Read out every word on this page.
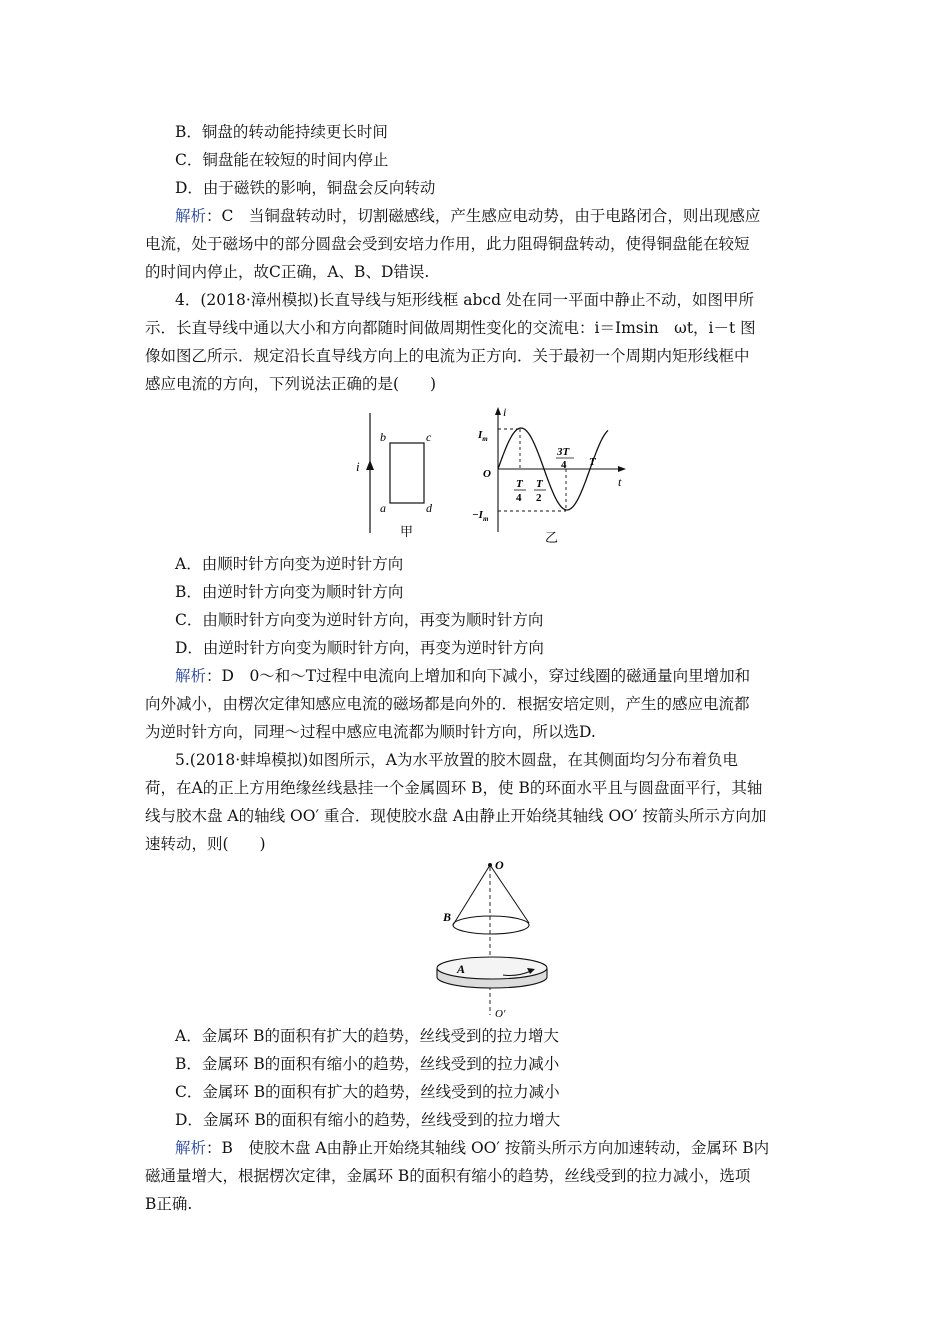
B．铜盘的转动能持续更长时间
C．铜盘能在较短的时间内停止
D．由于磁铁的影响，铜盘会反向转动
解析：C　当铜盘转动时，切割磁感线，产生感应电动势，由于电路闭合，则出现感应
电流，处于磁场中的部分圆盘会受到安培力作用，此力阻碍铜盘转动，使得铜盘能在较短
的时间内停止，故C正确，A、B、D错误.
4．(2018·漳州模拟)长直导线与矩形线框 abcd 处在同一平面中静止不动，如图甲所
示．长直导线中通以大小和方向都随时间做周期性变化的交流电：i＝Imsin　ωt，i－t 图
像如图乙所示．规定沿长直导线方向上的电流为正方向．关于最初一个周期内矩形线框中
感应电流的方向，下列说法正确的是(　　)
i
b	c
a	d
甲
i
t
O
$I_m$
$-I_m$
T
4
T
2
3T
4 T
乙
A．由顺时针方向变为逆时针方向
B．由逆时针方向变为顺时针方向
C．由顺时针方向变为逆时针方向，再变为顺时针方向
D．由逆时针方向变为顺时针方向，再变为逆时针方向
解析：D　0～和～T过程中电流向上增加和向下减小，穿过线圈的磁通量向里增加和
向外减小，由楞次定律知感应电流的磁场都是向外的．根据安培定则，产生的感应电流都
为逆时针方向，同理～过程中感应电流都为顺时针方向，所以选D.
5.(2018·蚌埠模拟)如图所示，A为水平放置的胶木圆盘，在其侧面均匀分布着负电
荷，在A的正上方用绝缘丝线悬挂一个金属圆环 B，使 B的环面水平且与圆盘面平行，其轴
线与胶木盘 A的轴线 OO′ 重合．现使胶水盘 A由静止开始绕其轴线 OO′ 按箭头所示方向加
速转动，则(　　)
O
B
A
O′
A．金属环 B的面积有扩大的趋势，丝线受到的拉力增大
B．金属环 B的面积有缩小的趋势，丝线受到的拉力减小
C．金属环 B的面积有扩大的趋势，丝线受到的拉力减小
D．金属环 B的面积有缩小的趋势，丝线受到的拉力增大
解析：B　使胶木盘 A由静止开始绕其轴线 OO′ 按箭头所示方向加速转动，金属环 B内
磁通量增大，根据楞次定律，金属环 B的面积有缩小的趋势，丝线受到的拉力减小，选项
B正确.
